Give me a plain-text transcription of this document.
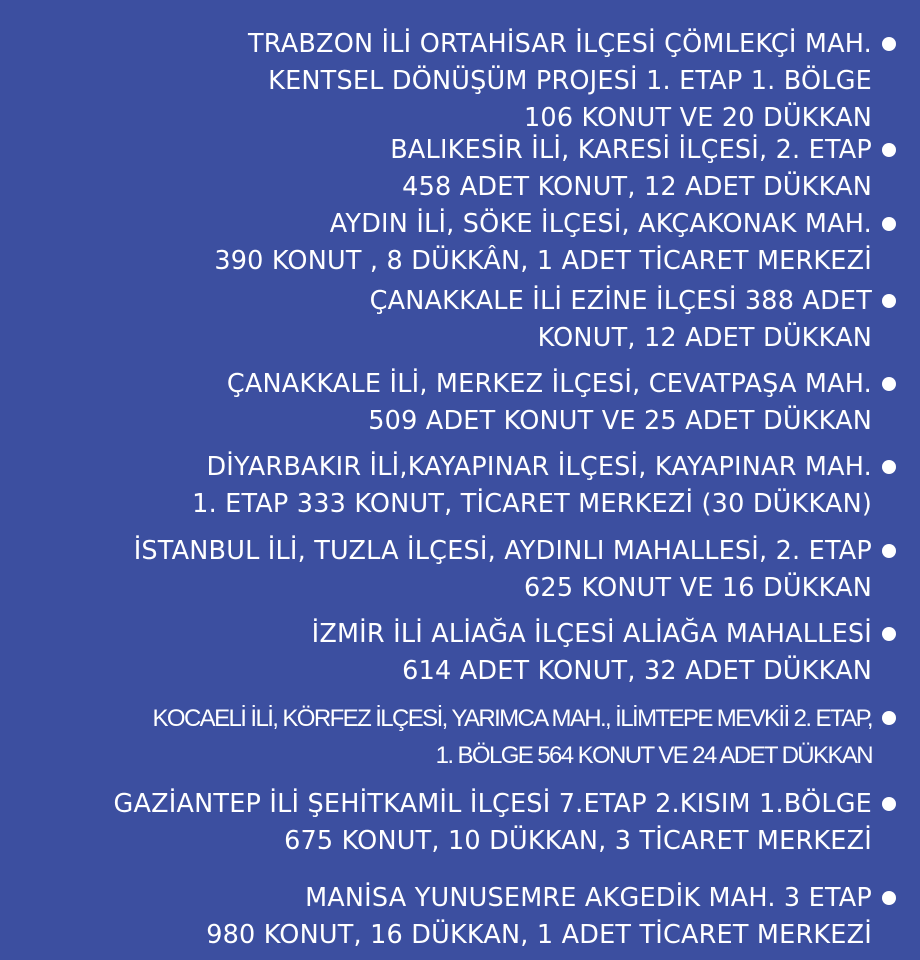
TRABZON İLİ ORTAHİSAR İLÇESİ ÇÖMLEKÇİ MAH.
KENTSEL DÖNÜŞÜM PROJESİ 1. ETAP 1. BÖLGE
106 KONUT VE 20 DÜKKAN
BALIKESİR İLİ, KARESİ İLÇESİ, 2. ETAP
458 ADET KONUT, 12 ADET DÜKKAN
AYDIN İLİ, SÖKE İLÇESİ, AKÇAKONAK MAH.
390 KONUT , 8 DÜKKÂN, 1 ADET TİCARET MERKEZİ
ÇANAKKALE İLİ EZİNE İLÇESİ 388 ADET
KONUT, 12 ADET DÜKKAN
ÇANAKKALE İLİ, MERKEZ İLÇESİ, CEVATPAŞA MAH.
509 ADET KONUT VE 25 ADET DÜKKAN
DİYARBAKIR İLİ,KAYAPINAR İLÇESİ, KAYAPINAR MAH.
1. ETAP 333 KONUT, TİCARET MERKEZİ (30 DÜKKAN)
İSTANBUL İLİ, TUZLA İLÇESİ, AYDINLI MAHALLESİ, 2. ETAP
625 KONUT VE 16 DÜKKAN
İZMİR İLİ ALİAĞA İLÇESİ ALİAĞA MAHALLESİ
614 ADET KONUT, 32 ADET DÜKKAN
KOCAELİ İLİ, KÖRFEZ İLÇESİ, YARIMCA MAH., İLİMTEPE MEVKİİ 2. ETAP,
1. BÖLGE 564 KONUT VE 24 ADET DÜKKAN
GAZİANTEP İLİ ŞEHİTKAMİL İLÇESİ 7.ETAP 2.KISIM 1.BÖLGE
675 KONUT, 10 DÜKKAN, 3 TİCARET MERKEZİ
MANİSA YUNUSEMRE AKGEDİK MAH. 3 ETAP
980 KONUT, 16 DÜKKAN, 1 ADET TİCARET MERKEZİ
